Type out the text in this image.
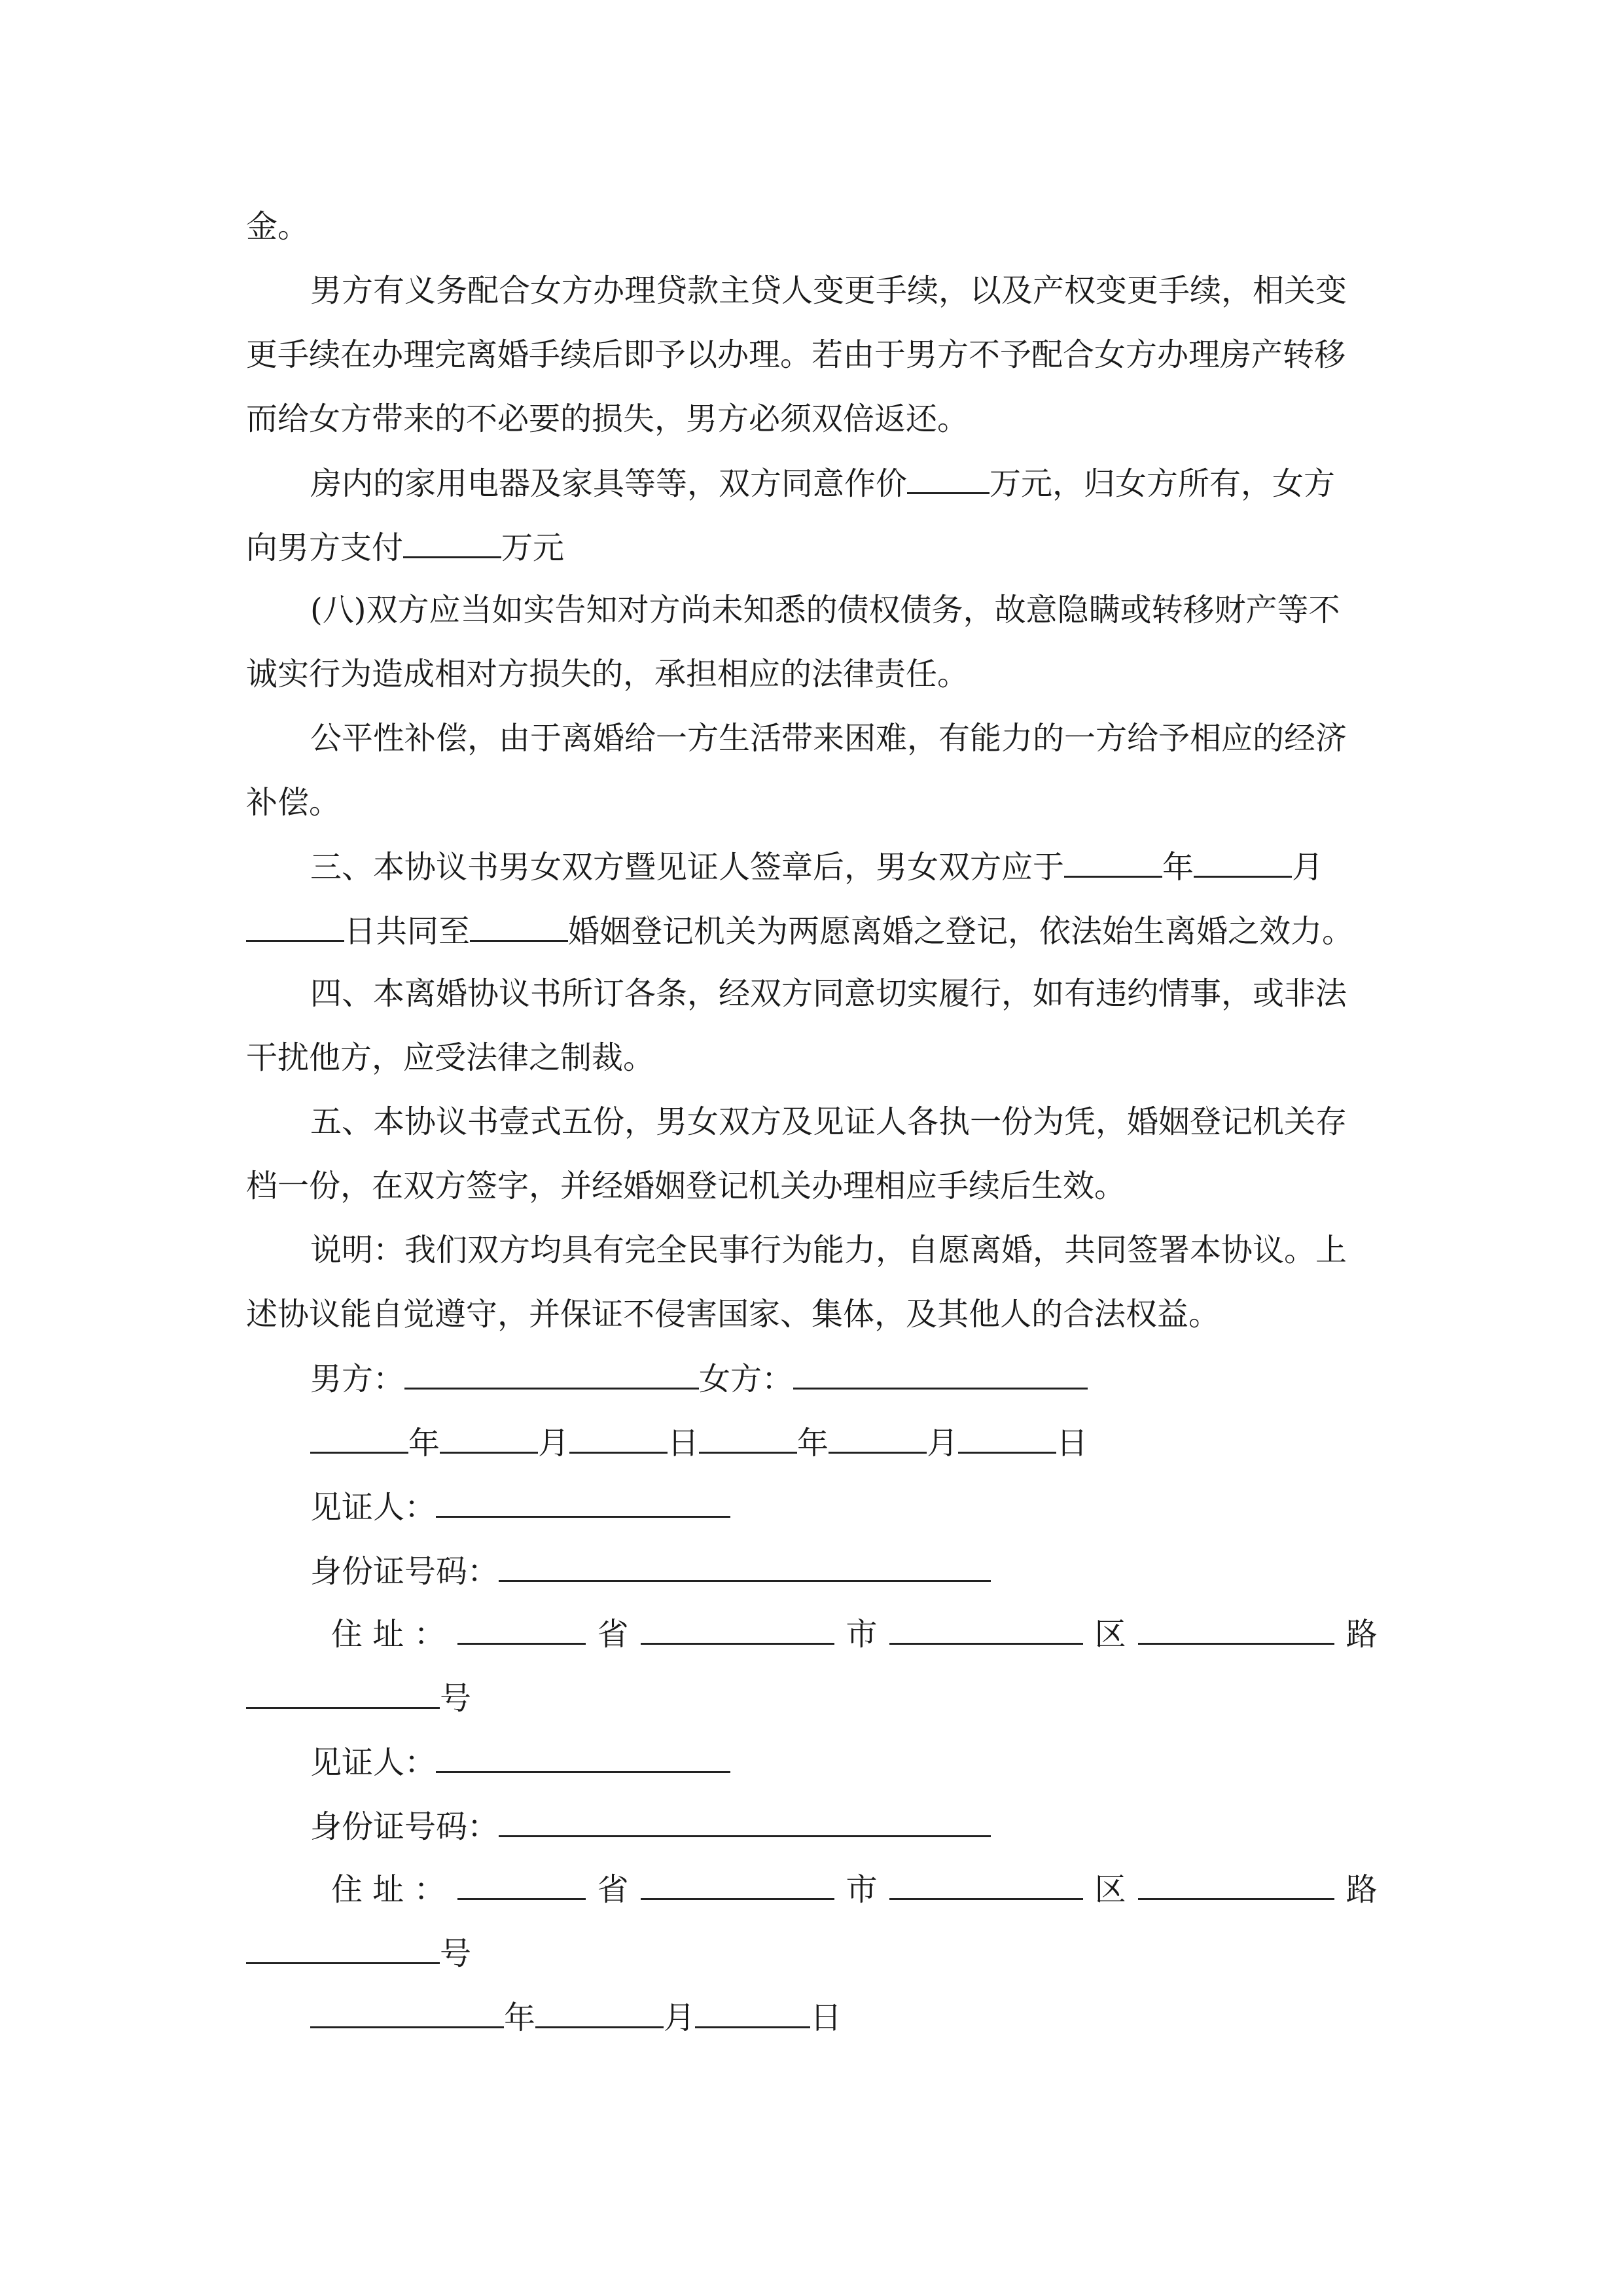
金。
男方有义务配合女方办理贷款主贷人变更手续，以及产权变更手续，相关变
更手续在办理完离婚手续后即予以办理。若由于男方不予配合女方办理房产转移
而给女方带来的不必要的损失，男方必须双倍返还。
房内的家用电器及家具等等，双方同意作价	万元，归女方所有，女方
向男方支付	万元
(八)双方应当如实告知对方尚未知悉的债权债务，故意隐瞒或转移财产等不
诚实行为造成相对方损失的，承担相应的法律责任。
公平性补偿，由于离婚给一方生活带来困难，有能力的一方给予相应的经济
补偿。
三、本协议书男女双方暨见证人签章后，男女双方应于	年	月
日共同至	婚姻登记机关为两愿离婚之登记，依法始生离婚之效力。
四、本离婚协议书所订各条，经双方同意切实履行，如有违约情事，或非法
干扰他方，应受法律之制裁。
五、本协议书壹式五份，男女双方及见证人各执一份为凭，婚姻登记机关存
档一份，在双方签字，并经婚姻登记机关办理相应手续后生效。
说明：我们双方均具有完全民事行为能力，自愿离婚，共同签署本协议。上
述协议能自觉遵守，并保证不侵害国家、集体，及其他人的合法权益。
男方：	女方：
年	月	日	年	月	日
见证人：
身份证号码：
住 址 ：	省	市	区	路
号
见证人：
身份证号码：
住 址 ：	省	市	区	路
号
年	月	日
